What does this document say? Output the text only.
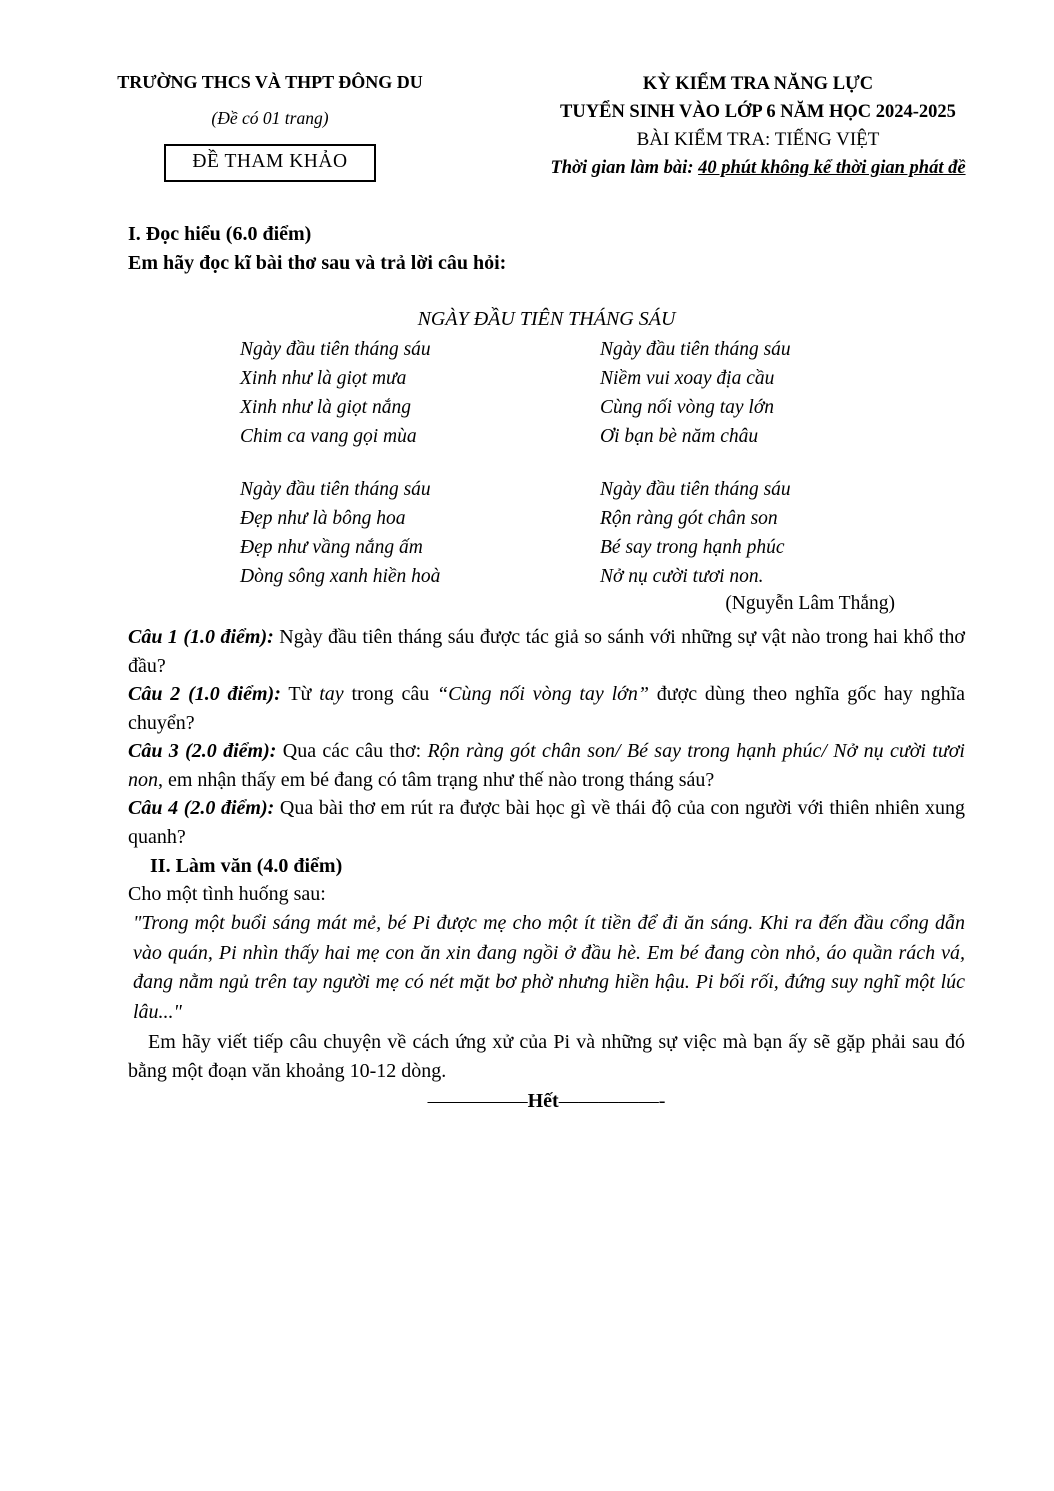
TRƯỜNG THCS VÀ THPT ĐÔNG DU
(Đề có 01 trang)
ĐỀ THAM KHẢO
KỲ KIỂM TRA NĂNG LỰC
TUYỂN SINH VÀO LỚP 6 NĂM HỌC 2024-2025
BÀI KIỂM TRA: TIẾNG VIỆT
Thời gian làm bài: 40 phút không kể thời gian phát đề
I. Đọc hiểu (6.0 điểm)
Em hãy đọc kĩ bài thơ sau và trả lời câu hỏi:
NGÀY ĐẦU TIÊN THÁNG SÁU
Ngày đầu tiên tháng sáu
Xinh như là giọt mưa
Xinh như là giọt nắng
Chim ca vang gọi mùa
Ngày đầu tiên tháng sáu
Niềm vui xoay địa cầu
Cùng nối vòng tay lớn
Ơi bạn bè năm châu
Ngày đầu tiên tháng sáu
Đẹp như là bông hoa
Đẹp như vầng nắng ấm
Dòng sông xanh hiền hoà
Ngày đầu tiên tháng sáu
Rộn ràng gót chân son
Bé say trong hạnh phúc
Nở nụ cười tươi non.
(Nguyễn Lâm Thắng)
Câu 1 (1.0 điểm): Ngày đầu tiên tháng sáu được tác giả so sánh với những sự vật nào trong hai khổ thơ đầu?
Câu 2 (1.0 điểm): Từ tay trong câu “Cùng nối vòng tay lớn” được dùng theo nghĩa gốc hay nghĩa chuyển?
Câu 3 (2.0 điểm): Qua các câu thơ: Rộn ràng gót chân son/ Bé say trong hạnh phúc/ Nở nụ cười tươi non, em nhận thấy em bé đang có tâm trạng như thế nào trong tháng sáu?
Câu 4 (2.0 điểm): Qua bài thơ em rút ra được bài học gì về thái độ của con người với thiên nhiên xung quanh?
II. Làm văn (4.0 điểm)
Cho một tình huống sau:
"Trong một buổi sáng mát mẻ, bé Pi được mẹ cho một ít tiền để đi ăn sáng. Khi ra đến đầu cổng dẫn vào quán, Pi nhìn thấy hai mẹ con ăn xin đang ngồi ở đầu hè. Em bé đang còn nhỏ, áo quần rách vá, đang nằm ngủ trên tay người mẹ có nét mặt bơ phờ nhưng hiền hậu. Pi bối rối, đứng suy nghĩ một lúc lâu..."
Em hãy viết tiếp câu chuyện về cách ứng xử của Pi và những sự việc mà bạn ấy sẽ gặp phải sau đó bằng một đoạn văn khoảng 10-12 dòng.
—————Hết—————-
